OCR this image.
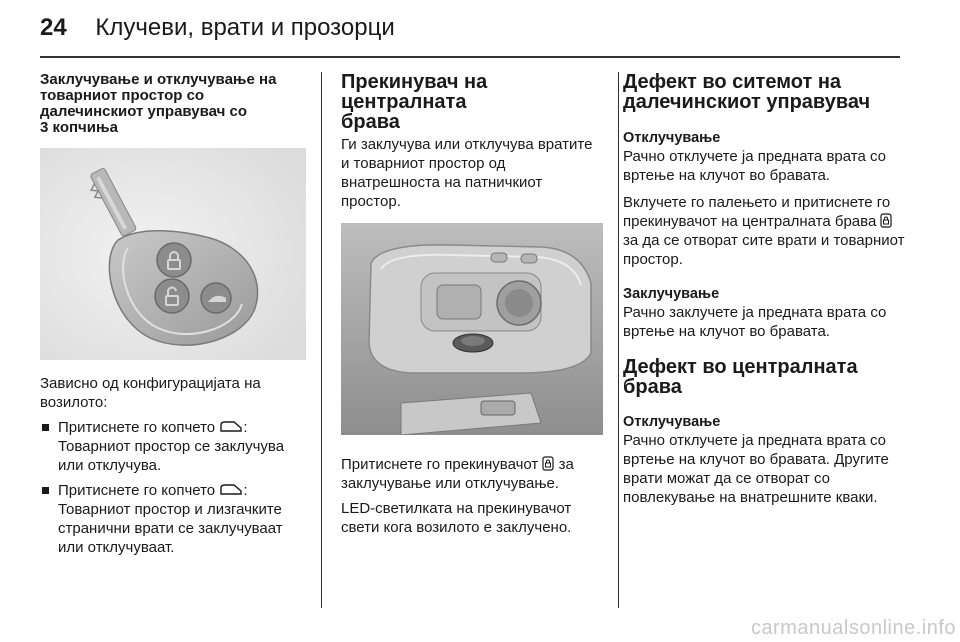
24 Клучеви, врати и прозорци
Заклучување и отклучување на
товарниот простор со
далечинскиот управувач со
3 копчиња

Зависно од конфигурацијата на возилото:

Притиснете го копчето : Товарниот простор се заклучува или отклучува.
Притиснете го копчето : Товарниот простор и лизгачките странични врати се заклучуваат или отклучуваат.
Прекинувач на централната
брава

Ги заклучува или отклучува вратите и товарниот простор од внатрешноста на патничкиот простор.

Притиснете го прекинувачот за заклучување или отклучување.

LED-светилката на прекинувачот свети кога возилото е заклучено.

Дефект во ситемот на
далечинскиот управувач
Отклучување

Рачно отклучете ја предната врата со вртење на клучот во бравата.

Вклучете го палењето и притиснете го прекинувачот на централната брава  за да се отворат сите врати и товарниот простор.

Заклучување

Рачно заклучете ја предната врата со вртење на клучот во бравата.

Дефект во централната брава
Отклучување

Рачно отклучете ја предната врата со вртење на клучот во бравата. Другите врати можат да се отворат со повлекување на внатрешните кваки.

carmanualsonline.info
